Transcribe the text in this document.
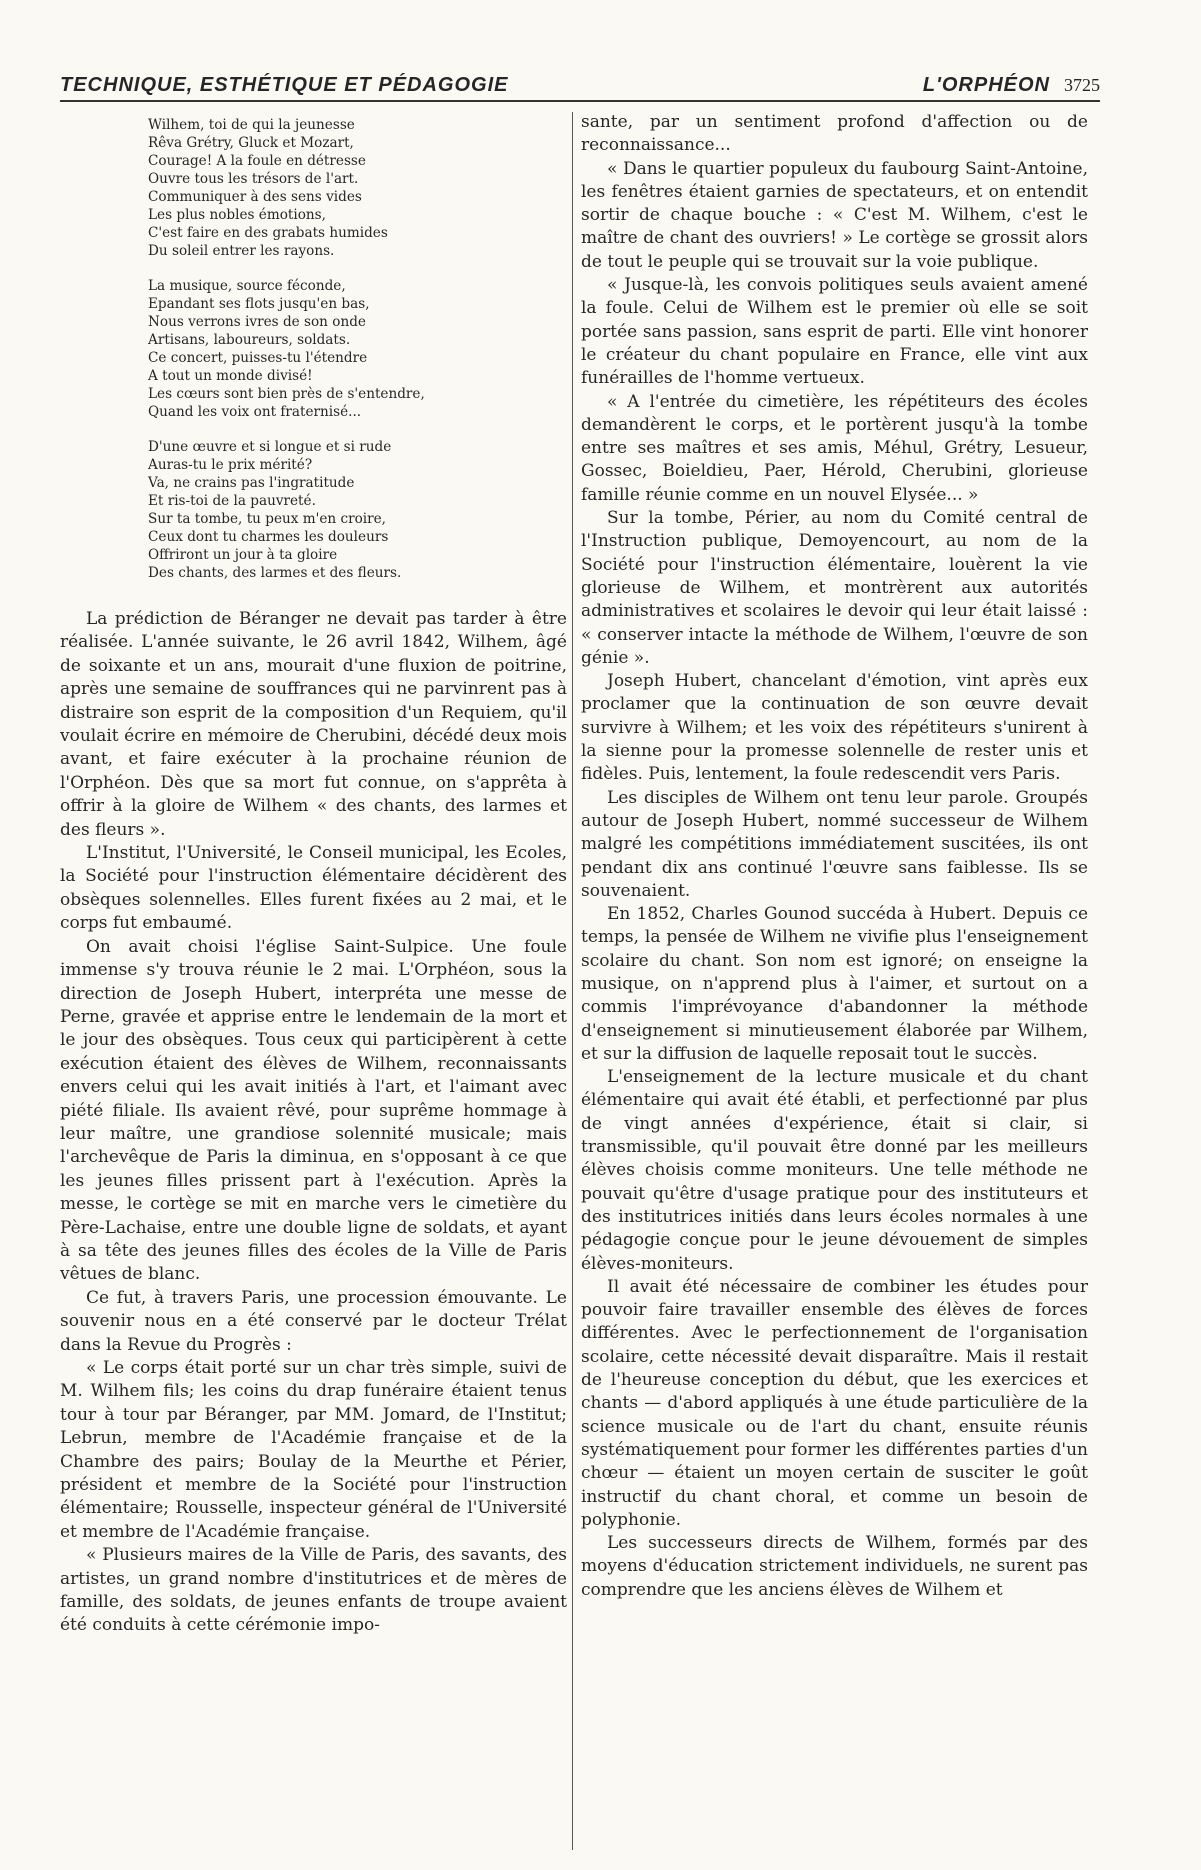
TECHNIQUE, ESTHÉTIQUE ET PÉDAGOGIE	L'ORPHÉON 3725
Wilhem, toi de qui la jeunesse
Rêva Grétry, Gluck et Mozart,
Courage! A la foule en détresse
Ouvre tous les trésors de l'art.
Communiquer à des sens vides
Les plus nobles émotions,
C'est faire en des grabats humides
Du soleil entrer les rayons.
La musique, source féconde,
Epandant ses flots jusqu'en bas,
Nous verrons ivres de son onde
Artisans, laboureurs, soldats.
Ce concert, puisses-tu l'étendre
A tout un monde divisé!
Les cœurs sont bien près de s'entendre,
Quand les voix ont fraternisé...
D'une œuvre et si longue et si rude
Auras-tu le prix mérité?
Va, ne crains pas l'ingratitude
Et ris-toi de la pauvreté.
Sur ta tombe, tu peux m'en croire,
Ceux dont tu charmes les douleurs
Offriront un jour à ta gloire
Des chants, des larmes et des fleurs.

La prédiction de Béranger ne devait pas tarder à être réalisée. L'année suivante, le 26 avril 1842, Wilhem, âgé de soixante et un ans, mourait d'une fluxion de poitrine, après une semaine de souffrances qui ne parvinrent pas à distraire son esprit de la composition d'un Requiem, qu'il voulait écrire en mémoire de Cherubini, décédé deux mois avant, et faire exécuter à la prochaine réunion de l'Orphéon. Dès que sa mort fut connue, on s'apprêta à offrir à la gloire de Wilhem « des chants, des larmes et des fleurs ».

L'Institut, l'Université, le Conseil municipal, les Ecoles, la Société pour l'instruction élémentaire décidèrent des obsèques solennelles. Elles furent fixées au 2 mai, et le corps fut embaumé.

On avait choisi l'église Saint-Sulpice. Une foule immense s'y trouva réunie le 2 mai. L'Orphéon, sous la direction de Joseph Hubert, interpréta une messe de Perne, gravée et apprise entre le lendemain de la mort et le jour des obsèques. Tous ceux qui participèrent à cette exécution étaient des élèves de Wilhem, reconnaissants envers celui qui les avait initiés à l'art, et l'aimant avec piété filiale. Ils avaient rêvé, pour suprême hommage à leur maître, une grandiose solennité musicale; mais l'archevêque de Paris la diminua, en s'opposant à ce que les jeunes filles prissent part à l'exécution. Après la messe, le cortège se mit en marche vers le cimetière du Père-Lachaise, entre une double ligne de soldats, et ayant à sa tête des jeunes filles des écoles de la Ville de Paris vêtues de blanc.

Ce fut, à travers Paris, une procession émouvante. Le souvenir nous en a été conservé par le docteur Trélat dans la Revue du Progrès :

« Le corps était porté sur un char très simple, suivi de M. Wilhem fils; les coins du drap funéraire étaient tenus tour à tour par Béranger, par MM. Jomard, de l'Institut; Lebrun, membre de l'Académie française et de la Chambre des pairs; Boulay de la Meurthe et Périer, président et membre de la Société pour l'instruction élémentaire; Rousselle, inspecteur général de l'Université et membre de l'Académie française.

« Plusieurs maires de la Ville de Paris, des savants, des artistes, un grand nombre d'institutrices et de mères de famille, des soldats, de jeunes enfants de troupe avaient été conduits à cette cérémonie impo-

sante, par un sentiment profond d'affection ou de reconnaissance...

« Dans le quartier populeux du faubourg Saint-Antoine, les fenêtres étaient garnies de spectateurs, et on entendit sortir de chaque bouche : « C'est M. Wilhem, c'est le maître de chant des ouvriers! » Le cortège se grossit alors de tout le peuple qui se trouvait sur la voie publique.

« Jusque-là, les convois politiques seuls avaient amené la foule. Celui de Wilhem est le premier où elle se soit portée sans passion, sans esprit de parti. Elle vint honorer le créateur du chant populaire en France, elle vint aux funérailles de l'homme vertueux.

« A l'entrée du cimetière, les répétiteurs des écoles demandèrent le corps, et le portèrent jusqu'à la tombe entre ses maîtres et ses amis, Méhul, Grétry, Lesueur, Gossec, Boieldieu, Paer, Hérold, Cherubini, glorieuse famille réunie comme en un nouvel Elysée... »

Sur la tombe, Périer, au nom du Comité central de l'Instruction publique, Demoyencourt, au nom de la Société pour l'instruction élémentaire, louèrent la vie glorieuse de Wilhem, et montrèrent aux autorités administratives et scolaires le devoir qui leur était laissé : « conserver intacte la méthode de Wilhem, l'œuvre de son génie ».

Joseph Hubert, chancelant d'émotion, vint après eux proclamer que la continuation de son œuvre devait survivre à Wilhem; et les voix des répétiteurs s'unirent à la sienne pour la promesse solennelle de rester unis et fidèles. Puis, lentement, la foule redescendit vers Paris.

Les disciples de Wilhem ont tenu leur parole. Groupés autour de Joseph Hubert, nommé successeur de Wilhem malgré les compétitions immédiatement suscitées, ils ont pendant dix ans continué l'œuvre sans faiblesse. Ils se souvenaient.

En 1852, Charles Gounod succéda à Hubert. Depuis ce temps, la pensée de Wilhem ne vivifie plus l'enseignement scolaire du chant. Son nom est ignoré; on enseigne la musique, on n'apprend plus à l'aimer, et surtout on a commis l'imprévoyance d'abandonner la méthode d'enseignement si minutieusement élaborée par Wilhem, et sur la diffusion de laquelle reposait tout le succès.

L'enseignement de la lecture musicale et du chant élémentaire qui avait été établi, et perfectionné par plus de vingt années d'expérience, était si clair, si transmissible, qu'il pouvait être donné par les meilleurs élèves choisis comme moniteurs. Une telle méthode ne pouvait qu'être d'usage pratique pour des instituteurs et des institutrices initiés dans leurs écoles normales à une pédagogie conçue pour le jeune dévouement de simples élèves-moniteurs.

Il avait été nécessaire de combiner les études pour pouvoir faire travailler ensemble des élèves de forces différentes. Avec le perfectionnement de l'organisation scolaire, cette nécessité devait disparaître. Mais il restait de l'heureuse conception du début, que les exercices et chants — d'abord appliqués à une étude particulière de la science musicale ou de l'art du chant, ensuite réunis systématiquement pour former les différentes parties d'un chœur — étaient un moyen certain de susciter le goût instructif du chant choral, et comme un besoin de polyphonie.

Les successeurs directs de Wilhem, formés par des moyens d'éducation strictement individuels, ne surent pas comprendre que les anciens élèves de Wilhem et
